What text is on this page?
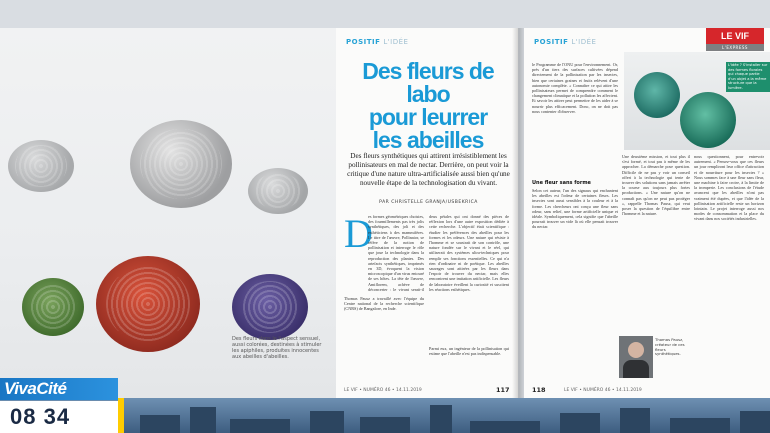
Des fleurs dans le l'aspect sensuel, aussi colorées, destinées à stimuler les apiphiles, produites innocentes aux abeilles d'abeilles.
POSITIF L'IDÉE
Des fleurs de labo
pour leurrer
les abeilles
Des fleurs synthétiques qui attirent irrésistiblement les pollinisateurs en mal de nectar. Derrière, on peut voir la critique d'une nature ultra-artificialisée aussi bien qu'une nouvelle étape de la technologisation du vivant.
PAR CHRISTELLE GRANJA/USBEKRICA
D
es formes géométriques choisies, des fourmillements pas très jolis synthétiques, des joli et des esthéticiens à des mammifères. Le titre de l'œuvre, Pollinator, se réfère de la notion de pollinisation et interroge le rôle que joue la technologie dans la reproduction des plantes. Des artefacts synthétiques, imprimés en 3D, évoquent la vision microscopique d'un virus entouré de ses hôtes. La tête de l'œuvre, Amiflorem, achève de déconcerter : le vivant serait-il
Thomas Pausz a travaillé avec l'équipe du Centre national de la recherche scientifique (CNRS) de Bangalore, en Inde.
deux pétales qui ont donné des pièces de réflexion lors d'une autre exposition dédiée à cette recherche. L'objectif était scientifique : étudier les préférences des abeilles pour les formes et les odeurs. Une nature qui résiste à l'homme et se soustrait de son contrôle, une nature fondée sur le vivant et le réel, qui utiliserait des systèmes ultra-techniques pour remplir ses fonctions essentielles. Ce qui n'a rien d'ordinaire ni de poétique. Les abeilles sauvages sont attirées par les fleurs dans l'espoir de trouver du nectar, mais elles rencontrent une imitation artificielle. Les fleurs de laboratoire éveillent la curiosité et suscitent les réactions esthétiques.
Parmi eux, un ingénieur de la pollinisation qui estime que l'abeille n'est pas indispensable.
LE VIF • NUMÉRO 46 • 14.11.2019	117
POSITIF L'IDÉE
LE VIF
L'EXPRESS
L'idée ? S'installer sur des formes florales qui chaque partie d'un objet a la même structure que la lumière.
le Programme de l'ONU pour l'environnement. Or, près d'un tiers des surfaces cultivées dépend directement de la pollinisation par les insectes, bien que certaines graines et fruits relèvent d'une autonomie complète. « Connaître ce qui attire les pollinisateurs permet de comprendre comment le changement climatique et la pollution les affectent. Et savoir les attirer peut permettre de les aider à se nourrir plus efficacement. Donc, on ne doit pas nous contenter d'observer.
Une fleur sans forme
Selon cet auteur, l'un des signaux qui enchantent les abeilles est l'odeur de certaines fleurs. Les insectes sont aussi sensibles à la couleur et à la forme. Les chercheurs ont conçu une fleur sans odeur, sans relief, une forme artificielle unique et idéale. Symboliquement, cela signifie que l'abeille pourrait trouver un vide là où elle pensait trouver du nectar.
Une deuxième mission, et tout plus il s'est formé, et tout pas à même de les approcher. La démarche pose question. Difficile de ne pas y voir un conseil offert à la technologie qui tente de trouver des solutions sans jamais arrêter la course aux toujours plus fortes productions. « Une nature qu'on ne connaît pas qu'on ne peut pas protéger », rappelle Thomas Pausz, qui veut poser la question de l'équilibre entre l'homme et la nature.
nous questionnent, pour entrevoir autrement. « Pensez-vous que ces fleurs un jour rempliront leur office d'attraction et de nourriture pour les insectes ? » Nous sommes face à une fleur sans fleur, une machine à faire croire, à la limite de la tromperie. Les conclusions de l'étude avancent que les abeilles n'ont pas vraiment été dupées, et que l'idée de la pollinisation artificielle reste un horizon lointain. Le projet interroge aussi nos modes de consommation et la place du vivant dans nos sociétés industrielles.
Thomas Pausz, créateur de ces fleurs synthétiques.
LE VIF • NUMÉRO 46 • 14.11.2019
118
VivaCité
08 34
